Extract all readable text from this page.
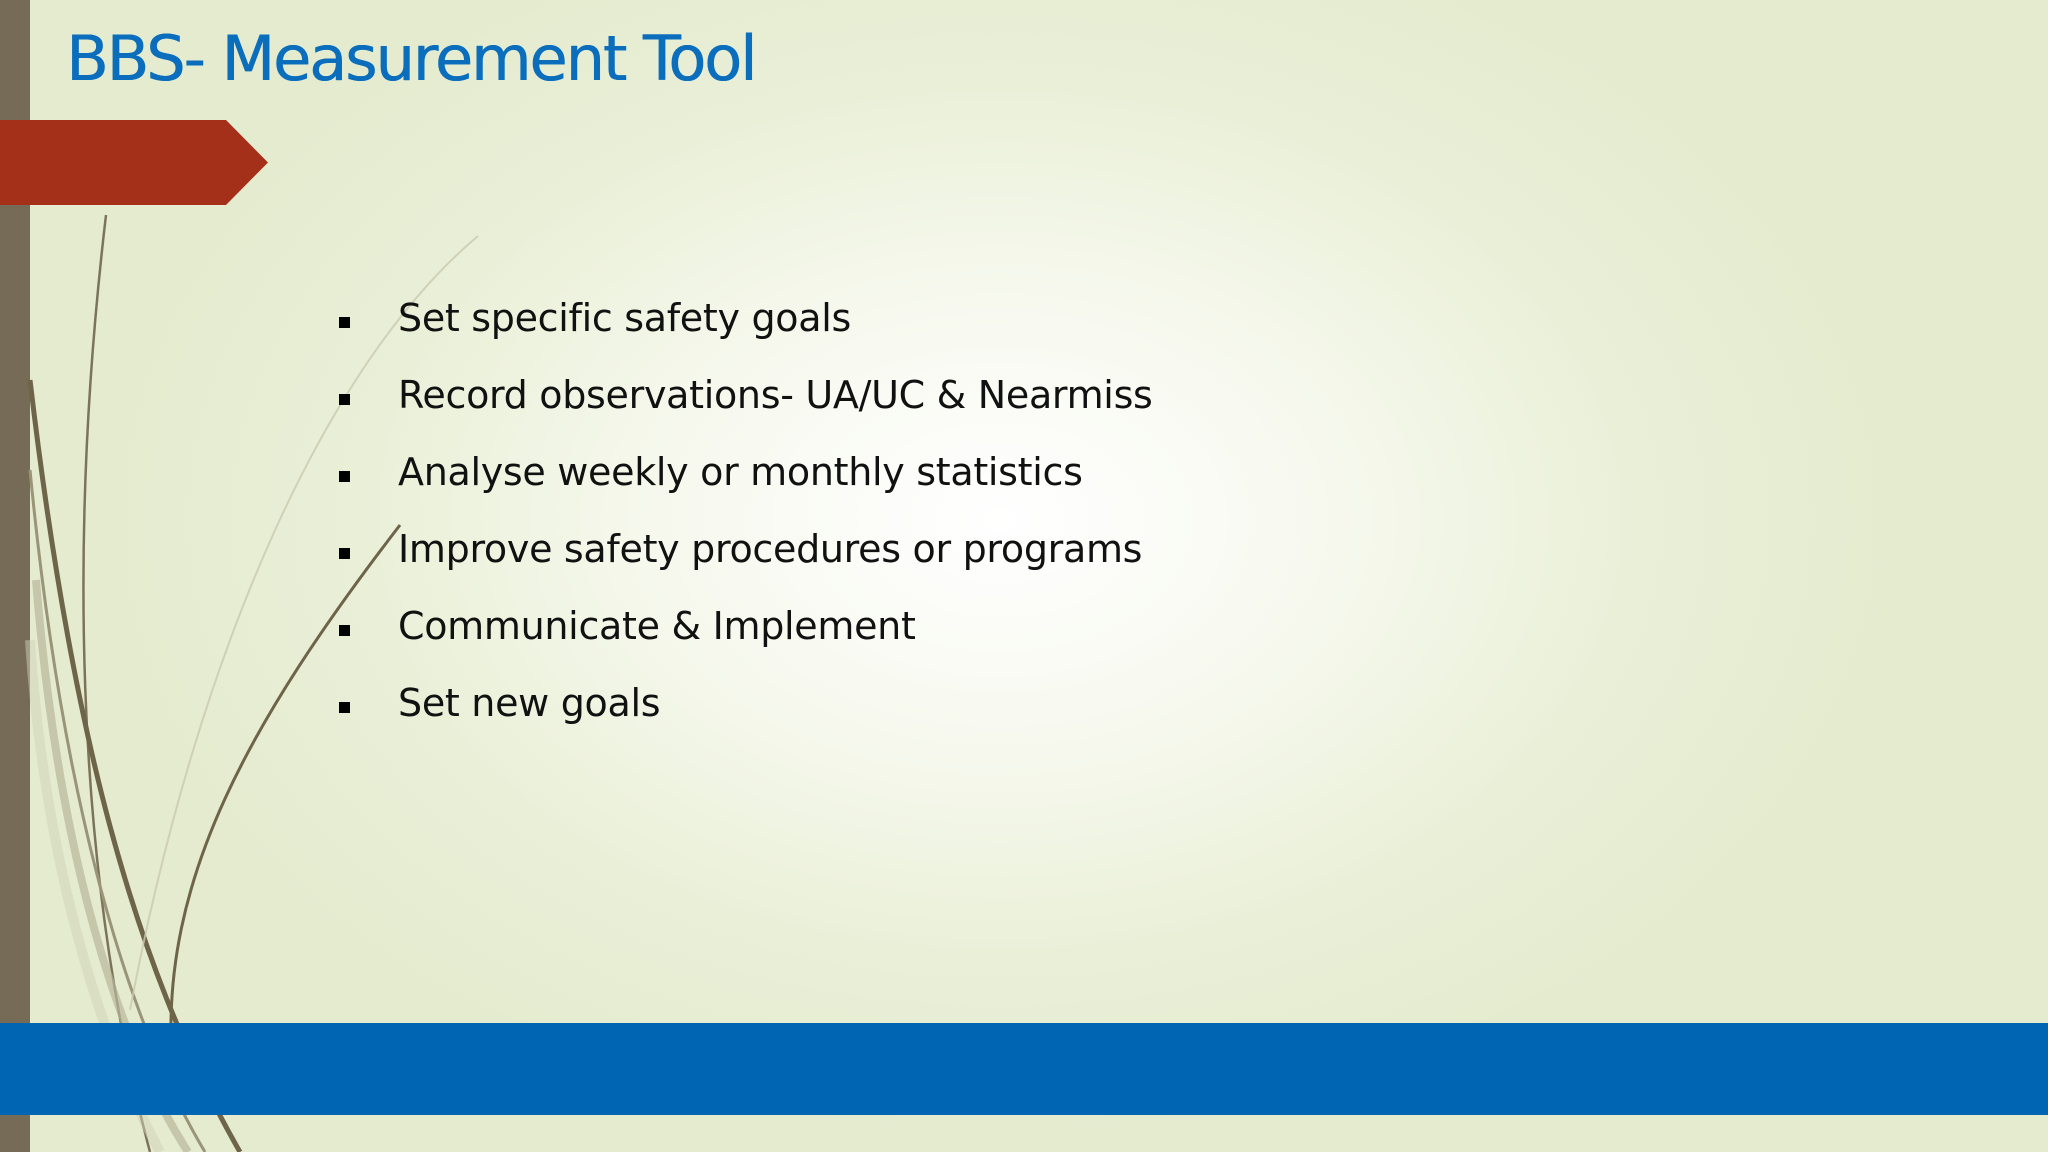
BBS- Measurement Tool
Set specific safety goals
Record observations- UA/UC & Nearmiss
Analyse weekly or monthly statistics
Improve safety procedures or programs
Communicate & Implement
Set new goals
